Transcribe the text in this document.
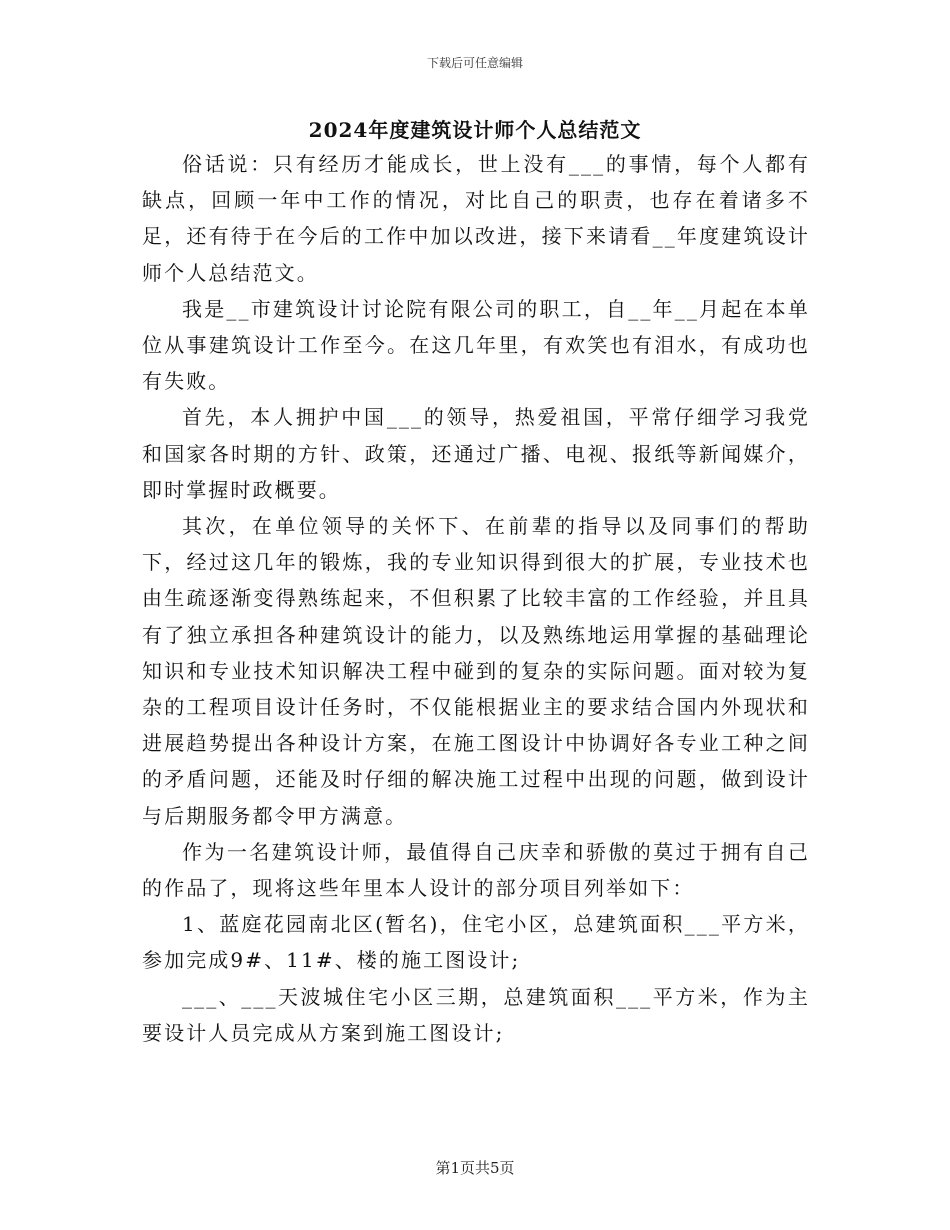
下载后可任意编辑
2024年度建筑设计师个人总结范文

俗话说：只有经历才能成长，世上没有___的事情，每个人都有缺点，回顾一年中工作的情况，对比自己的职责，也存在着诸多不足，还有待于在今后的工作中加以改进，接下来请看__年度建筑设计师个人总结范文。

我是__市建筑设计讨论院有限公司的职工，自__年__月起在本单位从事建筑设计工作至今。在这几年里，有欢笑也有泪水，有成功也有失败。

首先，本人拥护中国___的领导，热爱祖国，平常仔细学习我党和国家各时期的方针、政策，还通过广播、电视、报纸等新闻媒介，即时掌握时政概要。

其次，在单位领导的关怀下、在前辈的指导以及同事们的帮助下，经过这几年的锻炼，我的专业知识得到很大的扩展，专业技术也由生疏逐渐变得熟练起来，不但积累了比较丰富的工作经验，并且具有了独立承担各种建筑设计的能力，以及熟练地运用掌握的基础理论知识和专业技术知识解决工程中碰到的复杂的实际问题。面对较为复杂的工程项目设计任务时，不仅能根据业主的要求结合国内外现状和进展趋势提出各种设计方案，在施工图设计中协调好各专业工种之间的矛盾问题，还能及时仔细的解决施工过程中出现的问题，做到设计与后期服务都令甲方满意。

作为一名建筑设计师，最值得自己庆幸和骄傲的莫过于拥有自己的作品了，现将这些年里本人设计的部分项目列举如下：

1、蓝庭花园南北区(暂名)，住宅小区，总建筑面积___平方米，参加完成9#、11#、楼的施工图设计;

___、___天波城住宅小区三期，总建筑面积___平方米，作为主要设计人员完成从方案到施工图设计;

第1页共5页
